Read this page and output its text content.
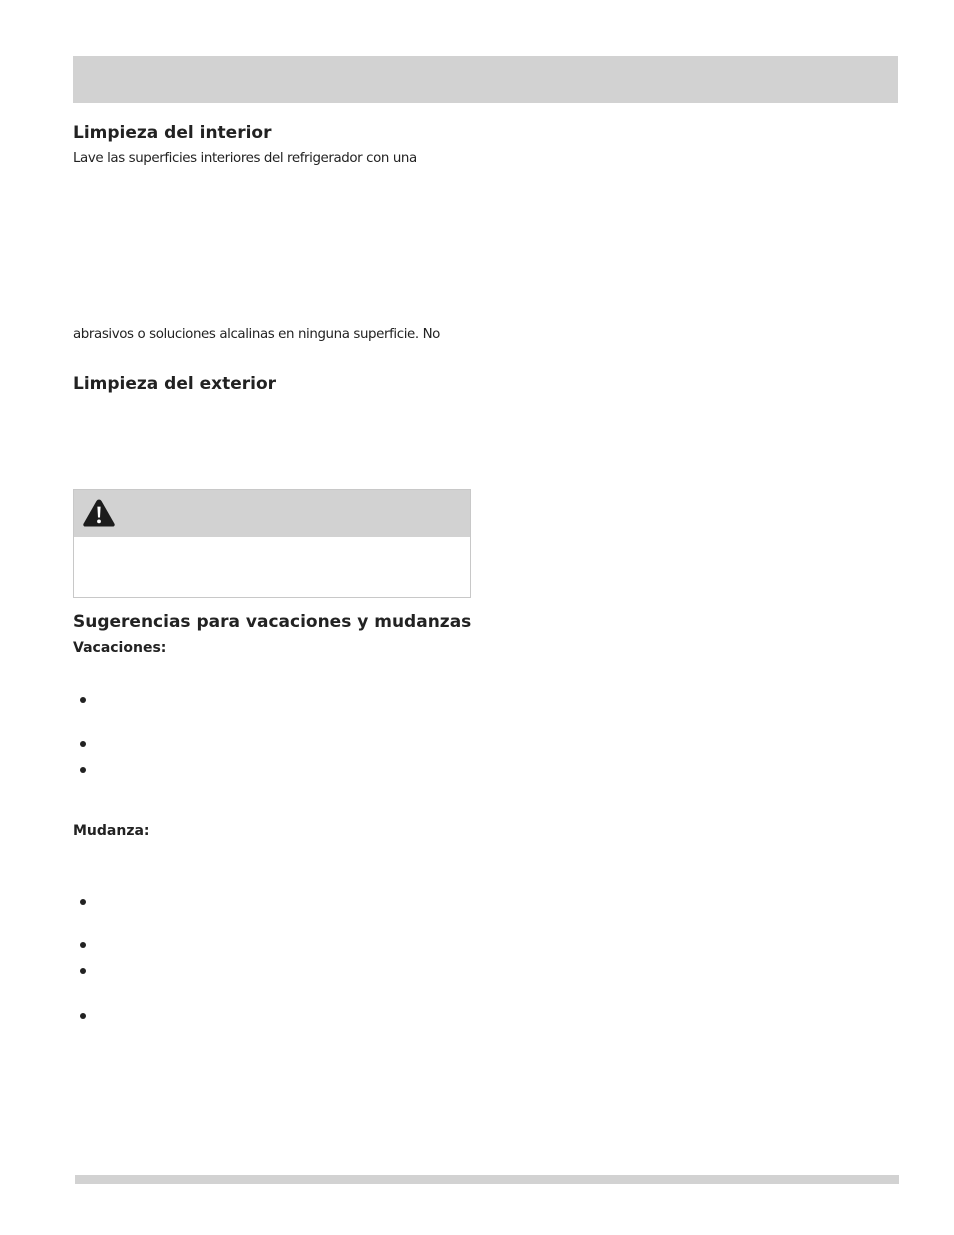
Limpieza del interior
Lave las superficies interiores del refrigerador con una
abrasivos o soluciones alcalinas en ninguna superficie. No
Limpieza del exterior
Sugerencias para vacaciones y mudanzas
Vacaciones:
Mudanza:
